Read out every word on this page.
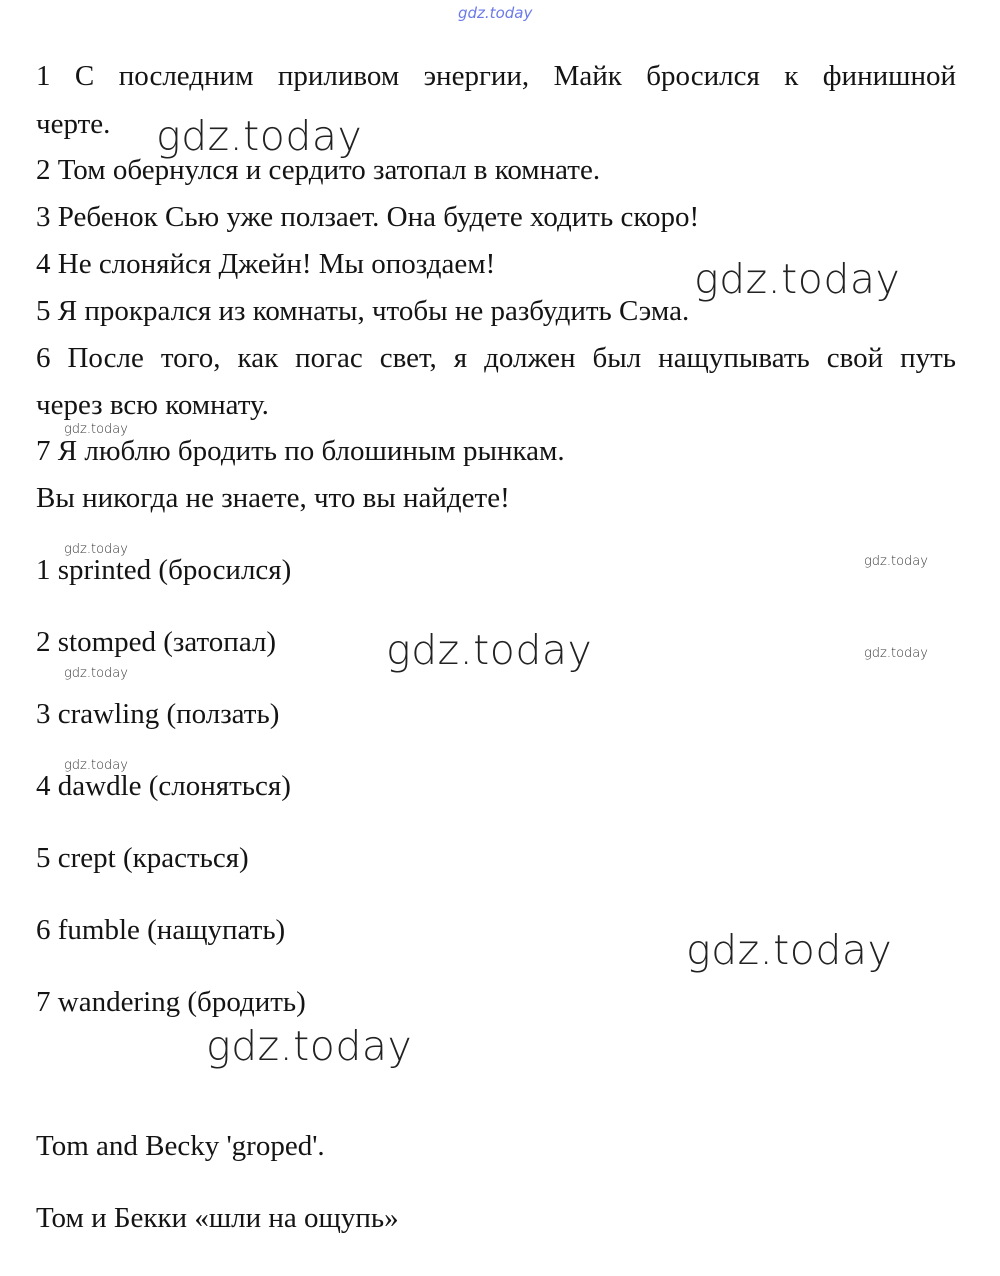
gdz.today

1 С последним приливом энергии, Майк бросился к финишной

черте.

2 Том обернулся и сердито затопал в комнате.

3 Ребенок Сью уже ползает. Она будете ходить скоро!

4 Не слоняйся Джейн! Мы опоздаем!

5 Я прокрался из комнаты, чтобы не разбудить Сэма.

6 После того, как погас свет, я должен был нащупывать свой путь

через всю комнату.

7 Я люблю бродить по блошиным рынкам.

Вы никогда не знаете, что вы найдете!

1 sprinted (бросился)

2 stomped (затопал)

3 crawling (ползать)

4 dawdle (слоняться)

5 crept (красться)

6 fumble (нащупать)

7 wandering (бродить)

Tom and Becky 'groped'.

Том и Бекки «шли на ощупь»

gdz.today
gdz.today
gdz.today
gdz.today
gdz.today
gdz.today
gdz.today
gdz.today
gdz.today
gdz.today
gdz.today
